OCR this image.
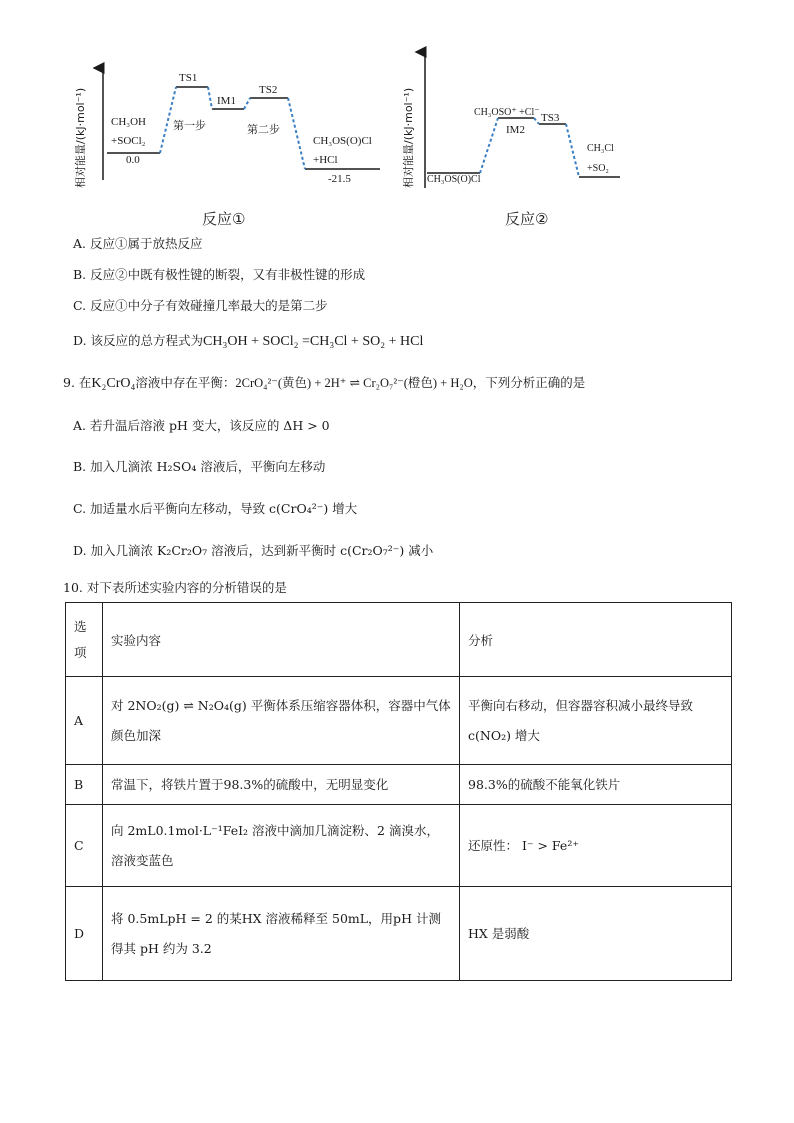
相对能量/(kJ·mol⁻¹) CH₃OH
+SOCl₂
0.0
TS1
IM1
TS2
第一步	第二步
CH₃OS(O)Cl
+HCl
-21.5
反应①
相对能量/(kJ·mol⁻¹) CH₃OS(O)Cl
CH₃OSO⁺ +Cl⁻
IM2
TS3
CH₃Cl
+SO₂
反应②
A. 反应①属于放热反应
B. 反应②中既有极性键的断裂，又有非极性键的形成
C. 反应①中分子有效碰撞几率最大的是第二步
D. 该反应的总方程式为CH₃OH + SOCl₂ =CH₃Cl + SO₂ + HCl
9. 在K₂CrO₄溶液中存在平衡：2CrO₄²⁻(黄色) + 2H⁺ ⇌ Cr₂O₇²⁻(橙色) + H₂O，下列分析正确的是
A. 若升温后溶液 pH 变大，该反应的 ΔH > 0
B. 加入几滴浓 H₂SO₄ 溶液后，平衡向左移动
C. 加适量水后平衡向左移动，导致 c(CrO₄²⁻) 增大
D. 加入几滴浓 K₂Cr₂O₇ 溶液后，达到新平衡时 c(Cr₂O₇²⁻) 减小
10. 对下表所述实验内容的分析错误的是
选项	实验内容	分析
A	对 2NO₂(g) ⇌ N₂O₄(g) 平衡体系压缩容器体积，容器中气体颜色加深	平衡向右移动，但容器容积减小最终导致 c(NO₂) 增大
B	常温下，将铁片置于98.3%的硫酸中，无明显变化	98.3%的硫酸不能氧化铁片
C	向 2mL0.1mol·L⁻¹FeI₂ 溶液中滴加几滴淀粉、2 滴溴水，溶液变蓝色	还原性： I⁻ > Fe²⁺
D	将 0.5mLpH = 2 的某HX 溶液稀释至 50mL，用pH 计测得其 pH 约为 3.2	HX 是弱酸
